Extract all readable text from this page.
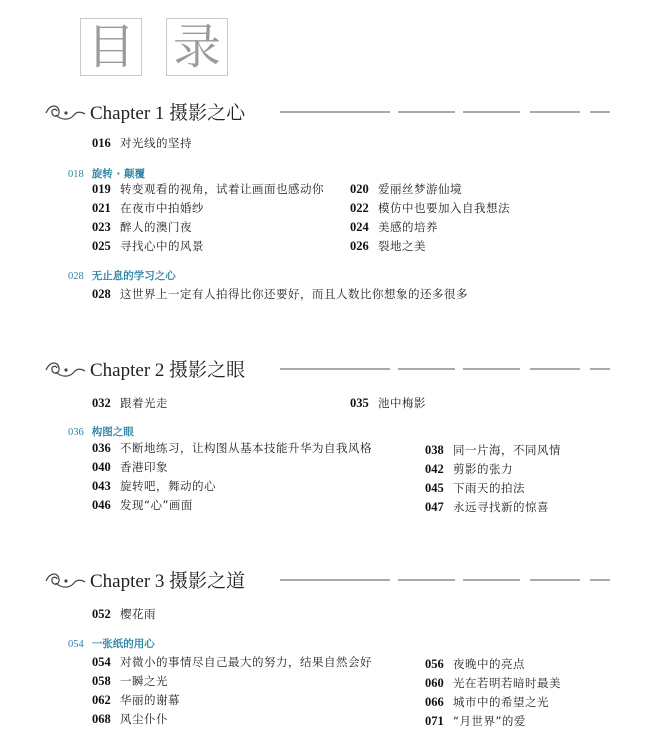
目 录
Chapter 1 摄影之心
016 对光线的坚持
018 旋转 · 颠覆
019 转变观看的视角，试着让画面也感动你
021 在夜市中拍婚纱
023 醉人的澳门夜
025 寻找心中的风景
020 爱丽丝梦游仙境
022 模仿中也要加入自我想法
024 美感的培养
026 裂地之美
028 无止息的学习之心
028 这世界上一定有人拍得比你还要好，而且人数比你想象的还多很多
Chapter 2 摄影之眼
032 跟着光走	035 池中梅影
036 构图之眼
036 不断地练习，让构图从基本技能升华为自我风格
040 香港印象
043 旋转吧，舞动的心
046 发现“心”画面
038 同一片海，不同风情
042 剪影的张力
045 下雨天的拍法
047 永远寻找新的惊喜
Chapter 3 摄影之道
052 樱花雨
054 一张纸的用心
054 对微小的事情尽自己最大的努力，结果自然会好
058 一瞬之光
062 华丽的谢幕
068 风尘仆仆
056 夜晚中的亮点
060 光在若明若暗时最美
066 城市中的希望之光
071 “月世界”的爱
